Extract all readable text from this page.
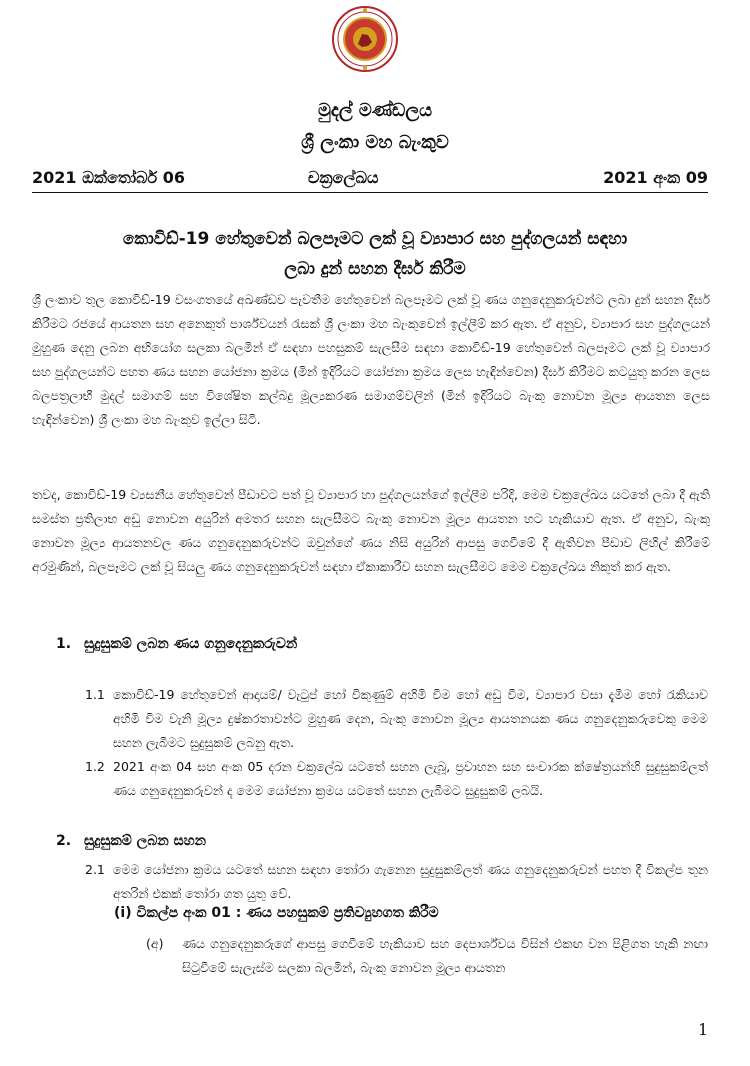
මුදල් මණ්ඩලය
ශ්‍රී ලංකා මහ බැංකුව
2021 ඔක්තෝබර් 06	චක්‍රලේඛය	2021 අංක 09
කොවිඩ්-19 හේතුවෙන් බලපෑමට ලක් වූ ව්‍යාපාර සහ පුද්ගලයන් සඳහා
ලබා දුන් සහන දීර්ඝ කිරීම

ශ්‍රී ලංකාව තුල කොවිඩ්-19 වසංගතයේ අඛණ්ඩව පැවතීම හේතුවෙන් බලපෑමට ලක් වූ ණය ගනුදෙනුකරුවන්ට ලබා දුන් සහන දීර්ඝ කිරීමට රජයේ ආයතන සහ අනෙකුත් පාර්ශ්වයන් රැසක් ශ්‍රී ලංකා මහ බැංකුවෙන් ඉල්ලීම් කර ඇත. ඒ අනුව, ව්‍යාපාර සහ පුද්ගලයන් මුහුණ දෙනු ලබන අභියෝග සලකා බලමින් ඒ සඳහා පහසුකම් සැලසීම සඳහා කොවිඩ්-19 හේතුවෙන් බලපෑමට ලක් වූ ව්‍යාපාර සහ පුද්ගලයන්ට පහත ණය සහන යෝජනා ක්‍රමය (මින් ඉදිරියට යෝජනා ක්‍රමය ලෙස හැඳින්වෙන) දීර්ඝ කිරීමට කටයුතු කරන ලෙස බලපත්‍රලාභී මුදල් සමාගම් සහ විශේෂිත කල්බදු මූල්‍යකරණ සමාගම්වලින් (මින් ඉදිරියට බැංකු නොවන මූල්‍ය ආයතන ලෙස හැඳින්වෙන) ශ්‍රී ලංකා මහ බැංකුව ඉල්ලා සිටී.

තවද, කොවිඩ්-19 ව්‍යසනීය හේතුවෙන් පීඩාවට පත් වූ ව්‍යාපාර හා පුද්ගලයන්ගේ ඉල්ලීම පරිදි, මෙම චක්‍රලේඛය යටතේ ලබා දී ඇති සමස්ත ප්‍රතිලාභ අඩු නොවන අයුරින් අමතර සහන සැලසීමට බැංකු නොවන මූල්‍ය ආයතන හට හැකියාව ඇත. ඒ අනුව, බැංකු නොවන මූල්‍ය ආයතනවල ණය ගනුදෙනුකරුවන්ට ඔවුන්ගේ ණය නිසි අයුරින් ආපසු ගෙවීමේ දී ඇතිවන පීඩාව ලිහිල් කිරීමේ අරමුණින්, බලපෑමට ලක් වූ සියලු ණය ගනුදෙනුකරුවන් සඳහා ඒකාකාරීව සහන සැලසීමට මෙම චක්‍රලේඛය නිකුත් කර ඇත.

1. සුදුසුකම් ලබන ණය ගනුදෙනුකරුවන්
1.1 කොවිඩ්-19 හේතුවෙන් ආදායම්/ වැටුප් හෝ විකුණුම් අහිමි වීම හෝ අඩු වීම, ව්‍යාපාර වසා දැමීම හෝ රැකියාව අහිමි වීම වැනි මූල්‍ය දුෂ්කරතාවන්ට මුහුණ දෙන, බැංකු නොවන මූල්‍ය ආයතනයක ණය ගනුදෙනුකරුවෙකු මෙම සහන ලැබීමට සුදුසුකම් ලබනු ඇත.
1.2 2021 අංක 04 සහ අංක 05 දරන චක්‍රලේඛ යටතේ සහන ලැබූ, ප්‍රවාහන සහ සංචාරක ක්ෂේත්‍රයන්හි සුදුසුකම්ලත් ණය ගනුදෙනුකරුවන් ද මෙම යෝජනා ක්‍රමය යටතේ සහන ලැබීමට සුදුසුකම් ලබයි.
2. සුදුසුකම් ලබන සහන
2.1 මෙම යෝජනා ක්‍රමය යටතේ සහන සඳහා තෝරා ගැනෙන සුදුසුකම්ලත් ණය ගනුදෙනුකරුවන් පහත දී විකල්ප තුන අතරින් එකක් තෝරා ගත යුතු වේ.
(i) විකල්ප අංක 01 : ණය පහසුකම් ප්‍රතිව්‍යුහගත කිරීම
(අ) ණය ගනුදෙනුකරුගේ ආපසු ගෙවීමේ හැකියාව සහ දෙපාර්ශ්වය විසින් එකඟ වන පිළිගත හැකි නඟා සිටුවීමේ සැලැස්ම සලකා බලමින්, බැංකු නොවන මූල්‍ය ආයතන
1
